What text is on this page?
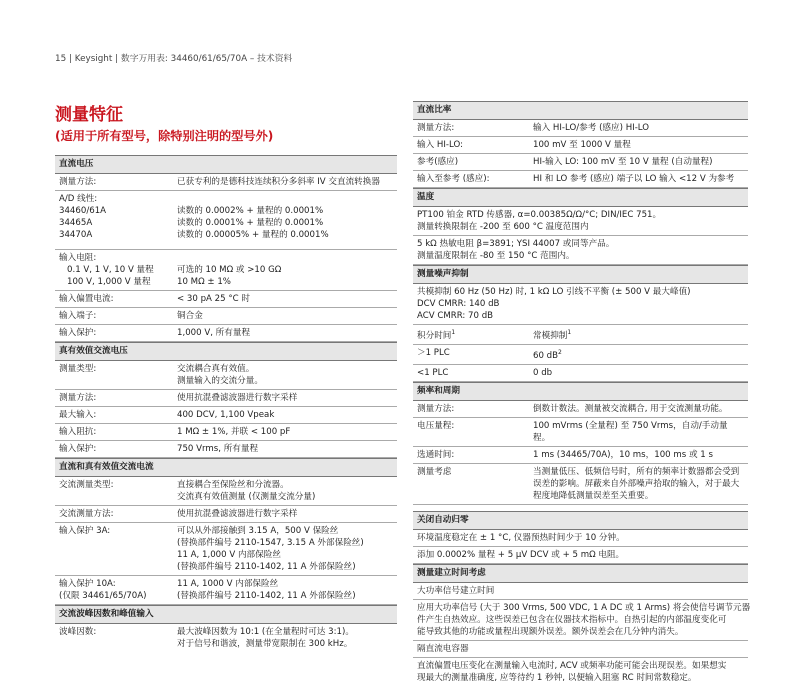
15 | Keysight | 数字万用表: 34460/61/65/70A – 技术资料
测量特征
(适用于所有型号，除特别注明的型号外)
直流电压
测量方法:	已获专利的是德科技连续积分多斜率 IV 交直流转换器
A/D 线性:
34460/61A	读数的 0.0002% + 量程的 0.0001%
34465A	读数的 0.0001% + 量程的 0.0001%
34470A	读数的 0.00005% + 量程的 0.0001%
输入电阻:
0.1 V, 1 V, 10 V 量程	可选的 10 MΩ 或 >10 GΩ
100 V, 1,000 V 量程	10 MΩ ± 1%
输入偏置电流:	< 30 pA 25 °C 时
输入端子:	铜合金
输入保护:	1,000 V, 所有量程
真有效值交流电压
测量类型:	交流耦合真有效值。
测量输入的交流分量。
测量方法:	使用抗混叠滤波器进行数字采样
最大输入:	400 DCV, 1,100 Vpeak
输入阻抗:	1 MΩ ± 1%, 并联 < 100 pF
输入保护:	750 Vrms, 所有量程
直流和真有效值交流电流
交流测量类型:	直接耦合至保险丝和分流器。
交流真有效值测量 (仅测量交流分量)
交流测量方法:	使用抗混叠滤波器进行数字采样
输入保护 3A:	可以从外部接触到 3.15 A，500 V 保险丝
(替换部件编号 2110-1547, 3.15 A 外部保险丝)
11 A, 1,000 V 内部保险丝
(替换部件编号 2110-1402, 11 A 外部保险丝)
输入保护 10A:
(仅限 34461/65/70A)
11 A, 1000 V 内部保险丝
(替换部件编号 2110-1402, 11 A 外部保险丝)
交流波峰因数和峰值输入
波峰因数:	最大波峰因数为 10:1 (在全量程时可达 3:1)。
对于信号和谐波，测量带宽限制在 300 kHz。
直流比率
测量方法:	输入 HI-LO/参考 (感应) HI-LO
输入 HI-LO:	100 mV 至 1000 V 量程
参考(感应)	HI-输入 LO: 100 mV 至 10 V 量程 (自动量程)
输入至参考 (感应):	HI 和 LO 参考 (感应) 端子以 LO 输入 <12 V 为参考
温度
PT100 铂金 RTD 传感器, α=0.00385Ω/Ω/°C; DIN/IEC 751。
测量转换限制在 -200 至 600 °C 温度范围内
5 kΩ 热敏电阻 β=3891; YSI 44007 或同等产品。
测量温度限制在 -80 至 150 °C 范围内。
测量噪声抑制
共模抑制 60 Hz (50 Hz) 时, 1 kΩ LO 引线不平衡 (± 500 V 最大峰值)
DCV CMRR: 140 dB
ACV CMRR: 70 dB
积分时间$^1$	常模抑制$^1$
＞1 PLC	60 $dB^2$
<1 PLC	0 db
频率和周期
测量方法:	倒数计数法。测量被交流耦合, 用于交流测量功能。
电压量程:	100 mVrms (全量程) 至 750 Vrms，自动/手动量程。
选通时间:	1 ms (34465/70A)，10 ms，100 ms 或 1 s
测量考虑	当测量低压、低频信号时，所有的频率计数器都会受到
误差的影响。屏蔽来自外部噪声拾取的输入，对于最大
程度地降低测量误差至关重要。
关闭自动归零
环境温度稳定在 ± 1 °C, 仪器预热时间少于 10 分钟。
添加 0.0002% 量程 + 5 μV DCV 或 + 5 mΩ 电阻。
测量建立时间考虑
大功率信号建立时间
应用大功率信号 (大于 300 Vrms, 500 VDC, 1 A DC 或 1 Arms) 将会使信号调节元器
件产生自热效应。这些误差已包含在仪器技术指标中。自热引起的内部温度变化可
能导致其他的功能或量程出现额外误差。额外误差会在几分钟内消失。
隔直流电容器
直流偏置电压变化在测量输入电流时, ACV 或频率功能可能会出现误差。如果想实
现最大的测量准确度, 应等待约 1 秒钟, 以便输入阻塞 RC 时间常数稳定。
